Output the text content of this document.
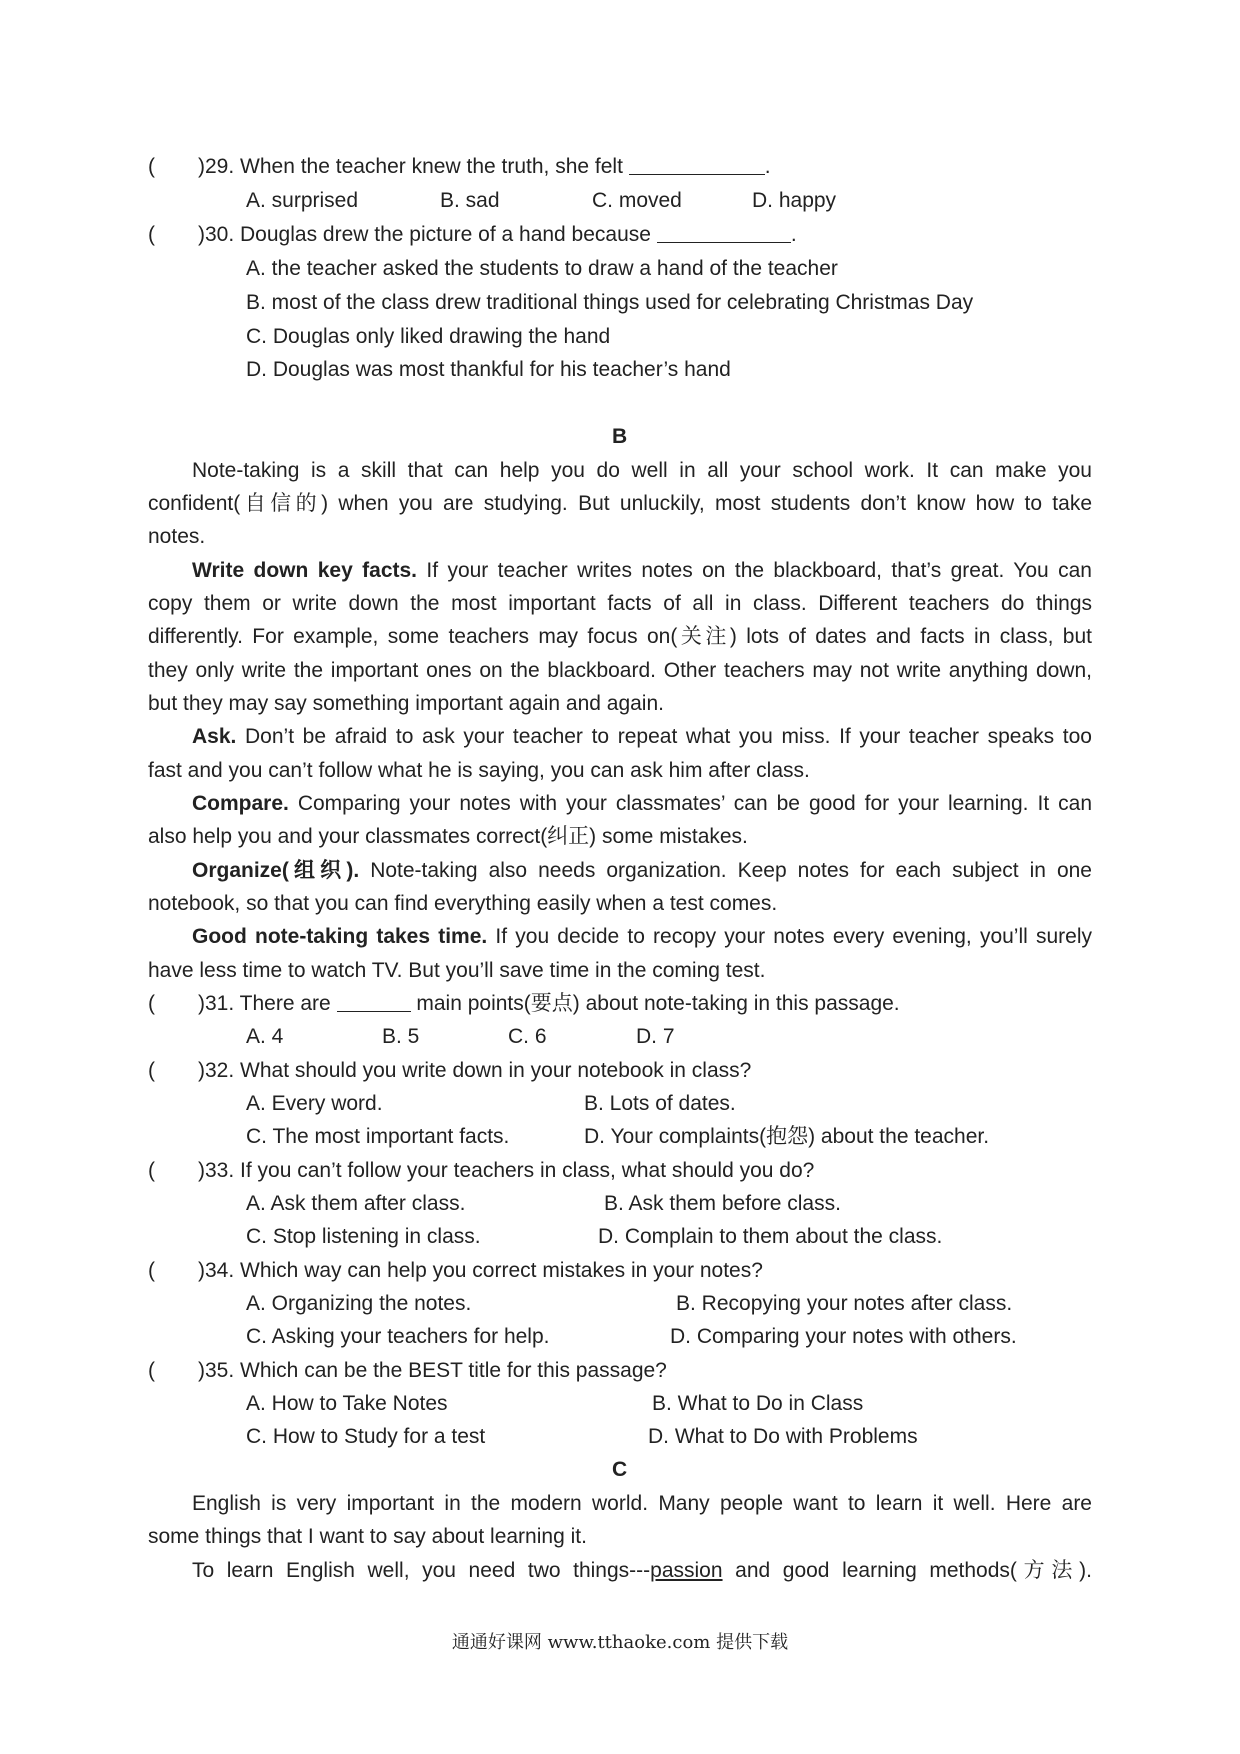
( )29. When the teacher knew the truth, she felt	.
A. surprised	B. sad	C. moved	D. happy
( )30. Douglas drew the picture of a hand because	.
A. the teacher asked the students to draw a hand of the teacher
B. most of the class drew traditional things used for celebrating Christmas Day
C. Douglas only liked drawing the hand
D. Douglas was most thankful for his teacher’s hand
B
Note-taking is a skill that can help you do well in all your school work. It can make you
confident(自信的) when you are studying. But unluckily, most students don’t know how to take
notes.
Write down key facts. If your teacher writes notes on the blackboard, that’s great. You can
copy them or write down the most important facts of all in class. Different teachers do things
differently. For example, some teachers may focus on(关注) lots of dates and facts in class, but
they only write the important ones on the blackboard. Other teachers may not write anything down,
but they may say something important again and again.
Ask. Don’t be afraid to ask your teacher to repeat what you miss. If your teacher speaks too
fast and you can’t follow what he is saying, you can ask him after class.
Compare. Comparing your notes with your classmates’ can be good for your learning. It can
also help you and your classmates correct(纠正) some mistakes.
Organize(组织). Note-taking also needs organization. Keep notes for each subject in one
notebook, so that you can find everything easily when a test comes.
Good note-taking takes time. If you decide to recopy your notes every evening, you’ll surely
have less time to watch TV. But you’ll save time in the coming test.
( )31. There are	main points(要点) about note-taking in this passage.
A. 4	B. 5	C. 6	D. 7
( )32. What should you write down in your notebook in class?
A. Every word.	B. Lots of dates.
C. The most important facts.	D. Your complaints(抱怨) about the teacher.
( )33. If you can’t follow your teachers in class, what should you do?
A. Ask them after class.	B. Ask them before class.
C. Stop listening in class.	D. Complain to them about the class.
( )34. Which way can help you correct mistakes in your notes?
A. Organizing the notes.	B. Recopying your notes after class.
C. Asking your teachers for help.	D. Comparing your notes with others.
( )35. Which can be the BEST title for this passage?
A. How to Take Notes	B. What to Do in Class
C. How to Study for a test	D. What to Do with Problems
C
English is very important in the modern world. Many people want to learn it well. Here are
some things that I want to say about learning it.
To learn English well, you need two things---passion and good learning methods(方法).
通通好课网 www.tthaoke.com 提供下载
